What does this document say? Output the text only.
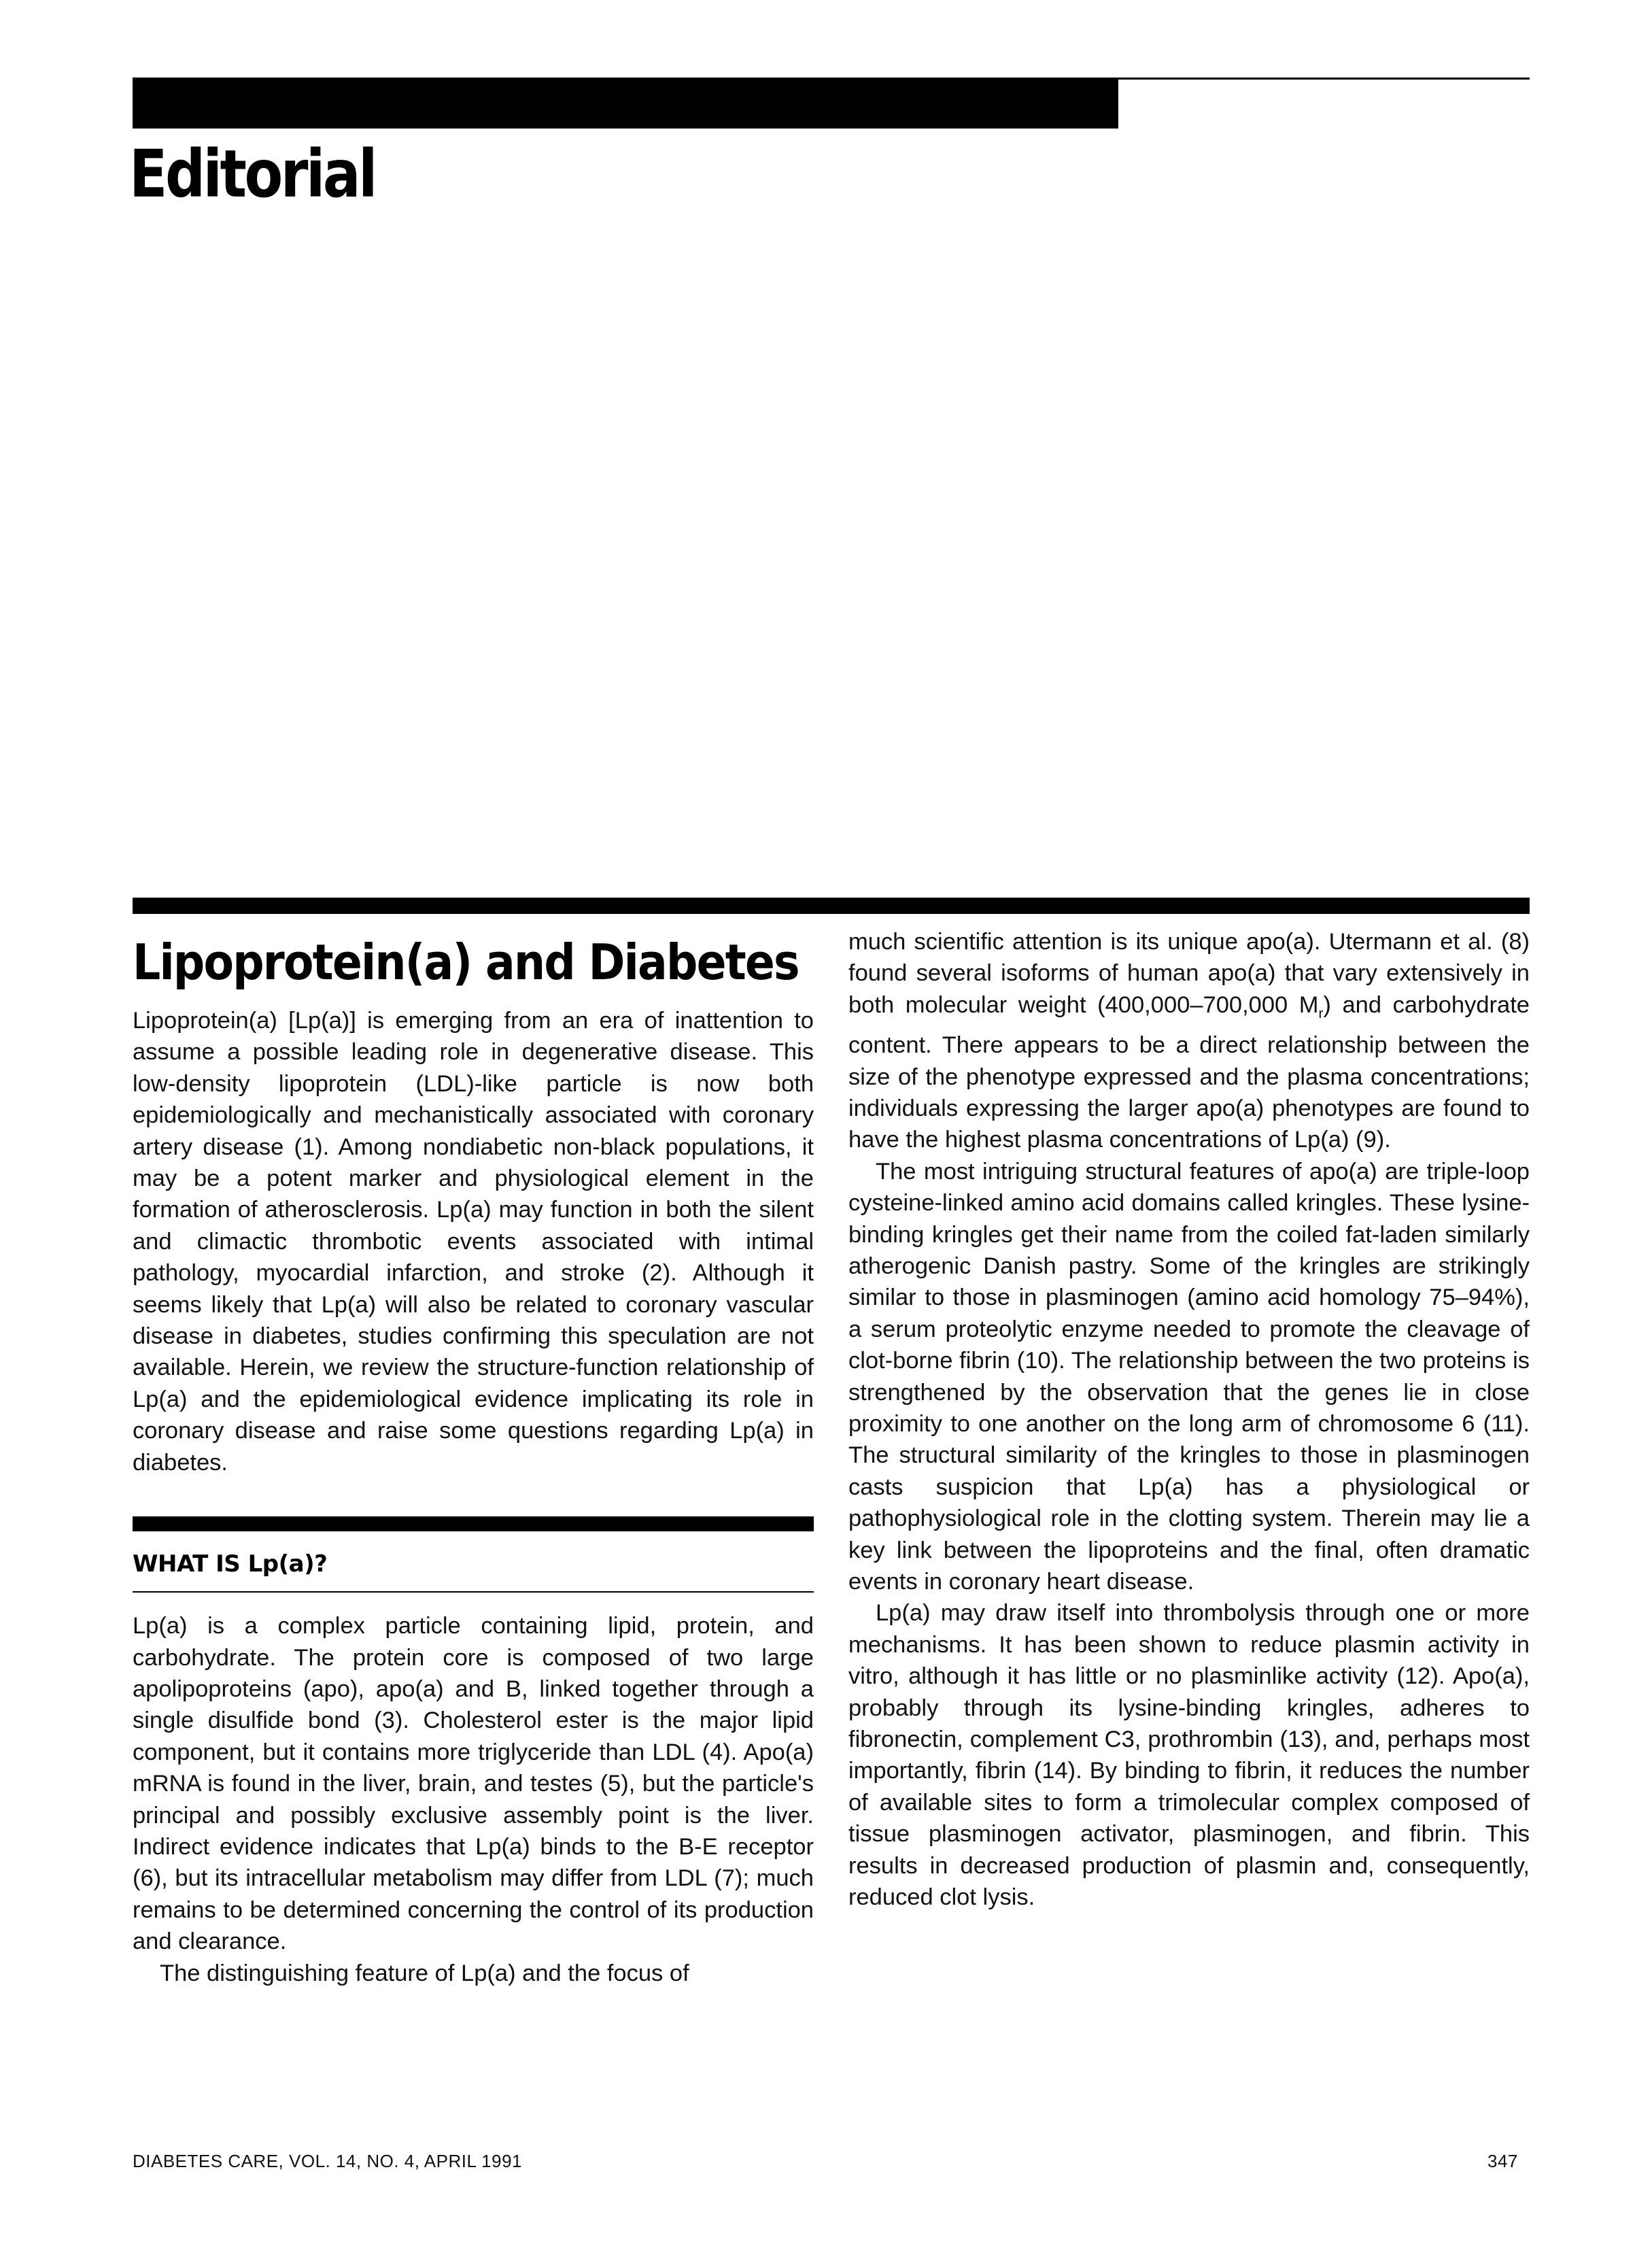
Editorial
Lipoprotein(a) and Diabetes

Lipoprotein(a) [Lp(a)] is emerging from an era of inattention to assume a possible leading role in degenerative disease. This low-density lipoprotein (LDL)-like particle is now both epidemiologically and mechanistically associated with coronary artery disease (1). Among nondiabetic non-black populations, it may be a potent marker and physiological element in the formation of atherosclerosis. Lp(a) may function in both the silent and climactic thrombotic events associated with intimal pathology, myocardial infarction, and stroke (2). Although it seems likely that Lp(a) will also be related to coronary vascular disease in diabetes, studies confirming this speculation are not available. Herein, we review the structure-function relationship of Lp(a) and the epidemiological evidence implicating its role in coronary disease and raise some questions regarding Lp(a) in diabetes.

WHAT IS Lp(a)?

Lp(a) is a complex particle containing lipid, protein, and carbohydrate. The protein core is composed of two large apolipoproteins (apo), apo(a) and B, linked together through a single disulfide bond (3). Cholesterol ester is the major lipid component, but it contains more triglyceride than LDL (4). Apo(a) mRNA is found in the liver, brain, and testes (5), but the particle's principal and possibly exclusive assembly point is the liver. Indirect evidence indicates that Lp(a) binds to the B-E receptor (6), but its intracellular metabolism may differ from LDL (7); much remains to be determined concerning the control of its production and clearance.

The distinguishing feature of Lp(a) and the focus of

much scientific attention is its unique apo(a). Utermann et al. (8) found several isoforms of human apo(a) that vary extensively in both molecular weight (400,000–700,000 $M_r$) and carbohydrate content. There appears to be a direct relationship between the size of the phenotype expressed and the plasma concentrations; individuals expressing the larger apo(a) phenotypes are found to have the highest plasma concentrations of Lp(a) (9).

The most intriguing structural features of apo(a) are triple-loop cysteine-linked amino acid domains called kringles. These lysine-binding kringles get their name from the coiled fat-laden similarly atherogenic Danish pastry. Some of the kringles are strikingly similar to those in plasminogen (amino acid homology 75–94%), a serum proteolytic enzyme needed to promote the cleavage of clot-borne fibrin (10). The relationship between the two proteins is strengthened by the observation that the genes lie in close proximity to one another on the long arm of chromosome 6 (11). The structural similarity of the kringles to those in plasminogen casts suspicion that Lp(a) has a physiological or pathophysiological role in the clotting system. Therein may lie a key link between the lipoproteins and the final, often dramatic events in coronary heart disease.

Lp(a) may draw itself into thrombolysis through one or more mechanisms. It has been shown to reduce plasmin activity in vitro, although it has little or no plasminlike activity (12). Apo(a), probably through its lysine-binding kringles, adheres to fibronectin, complement C3, prothrombin (13), and, perhaps most importantly, fibrin (14). By binding to fibrin, it reduces the number of available sites to form a trimolecular complex composed of tissue plasminogen activator, plasminogen, and fibrin. This results in decreased production of plasmin and, consequently, reduced clot lysis.

DIABETES CARE, VOL. 14, NO. 4, APRIL 1991	347
